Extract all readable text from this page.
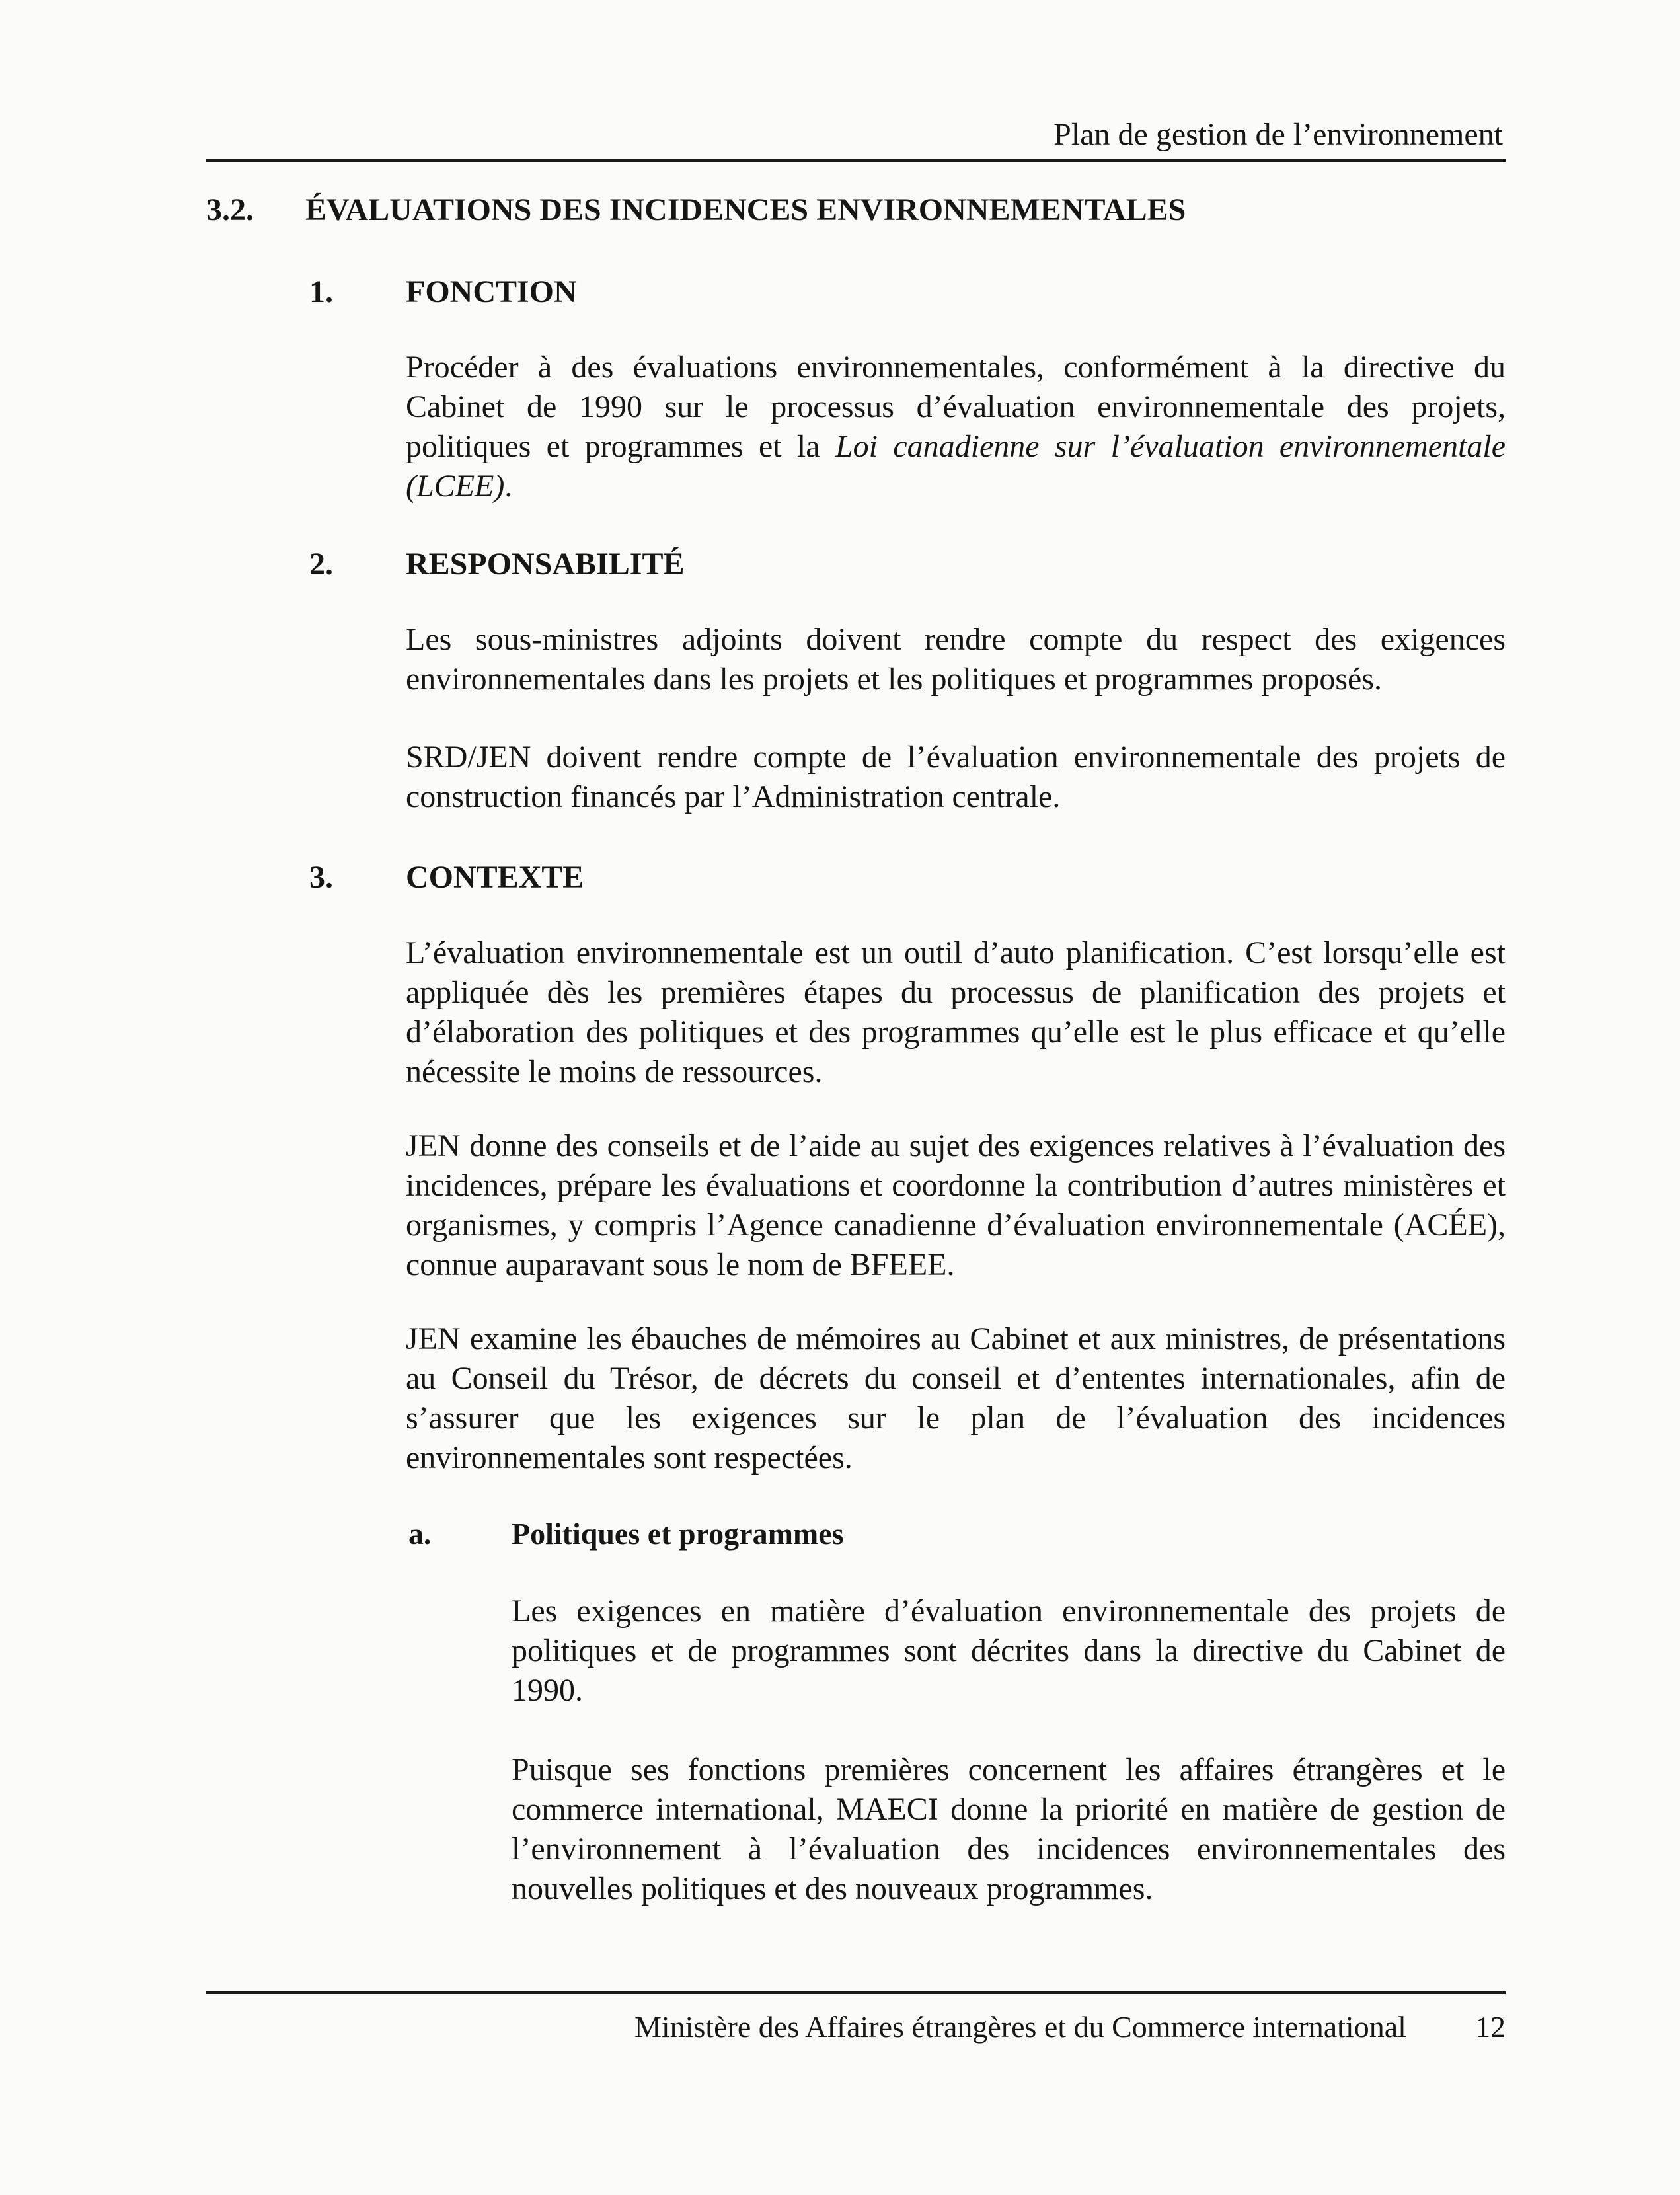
Plan de gestion de l’environnement
3.2. ÉVALUATIONS DES INCIDENCES ENVIRONNEMENTALES
1. FONCTION

Procéder à des évaluations environnementales, conformément à la directive du Cabinet de 1990 sur le processus d’évaluation environnementale des projets, politiques et programmes et la Loi canadienne sur l’évaluation environnementale (LCEE).

2. RESPONSABILITÉ

Les sous-ministres adjoints doivent rendre compte du respect des exigences environnementales dans les projets et les politiques et programmes proposés.

SRD/JEN doivent rendre compte de l’évaluation environnementale des projets de construction financés par l’Administration centrale.

3. CONTEXTE

L’évaluation environnementale est un outil d’auto planification. C’est lorsqu’elle est appliquée dès les premières étapes du processus de planification des projets et d’élaboration des politiques et des programmes qu’elle est le plus efficace et qu’elle nécessite le moins de ressources.

JEN donne des conseils et de l’aide au sujet des exigences relatives à l’évaluation des incidences, prépare les évaluations et coordonne la contribution d’autres ministères et organismes, y compris l’Agence canadienne d’évaluation environnementale (ACÉE), connue auparavant sous le nom de BFEEE.

JEN examine les ébauches de mémoires au Cabinet et aux ministres, de présentations au Conseil du Trésor, de décrets du conseil et d’ententes internationales, afin de s’assurer que les exigences sur le plan de l’évaluation des incidences environnementales sont respectées.

a.	Politiques et programmes

Les exigences en matière d’évaluation environnementale des projets de politiques et de programmes sont décrites dans la directive du Cabinet de 1990.

Puisque ses fonctions premières concernent les affaires étrangères et le commerce international, MAECI donne la priorité en matière de gestion de l’environnement à l’évaluation des incidences environnementales des nouvelles politiques et des nouveaux programmes.

Ministère des Affaires étrangères et du Commerce international 12
